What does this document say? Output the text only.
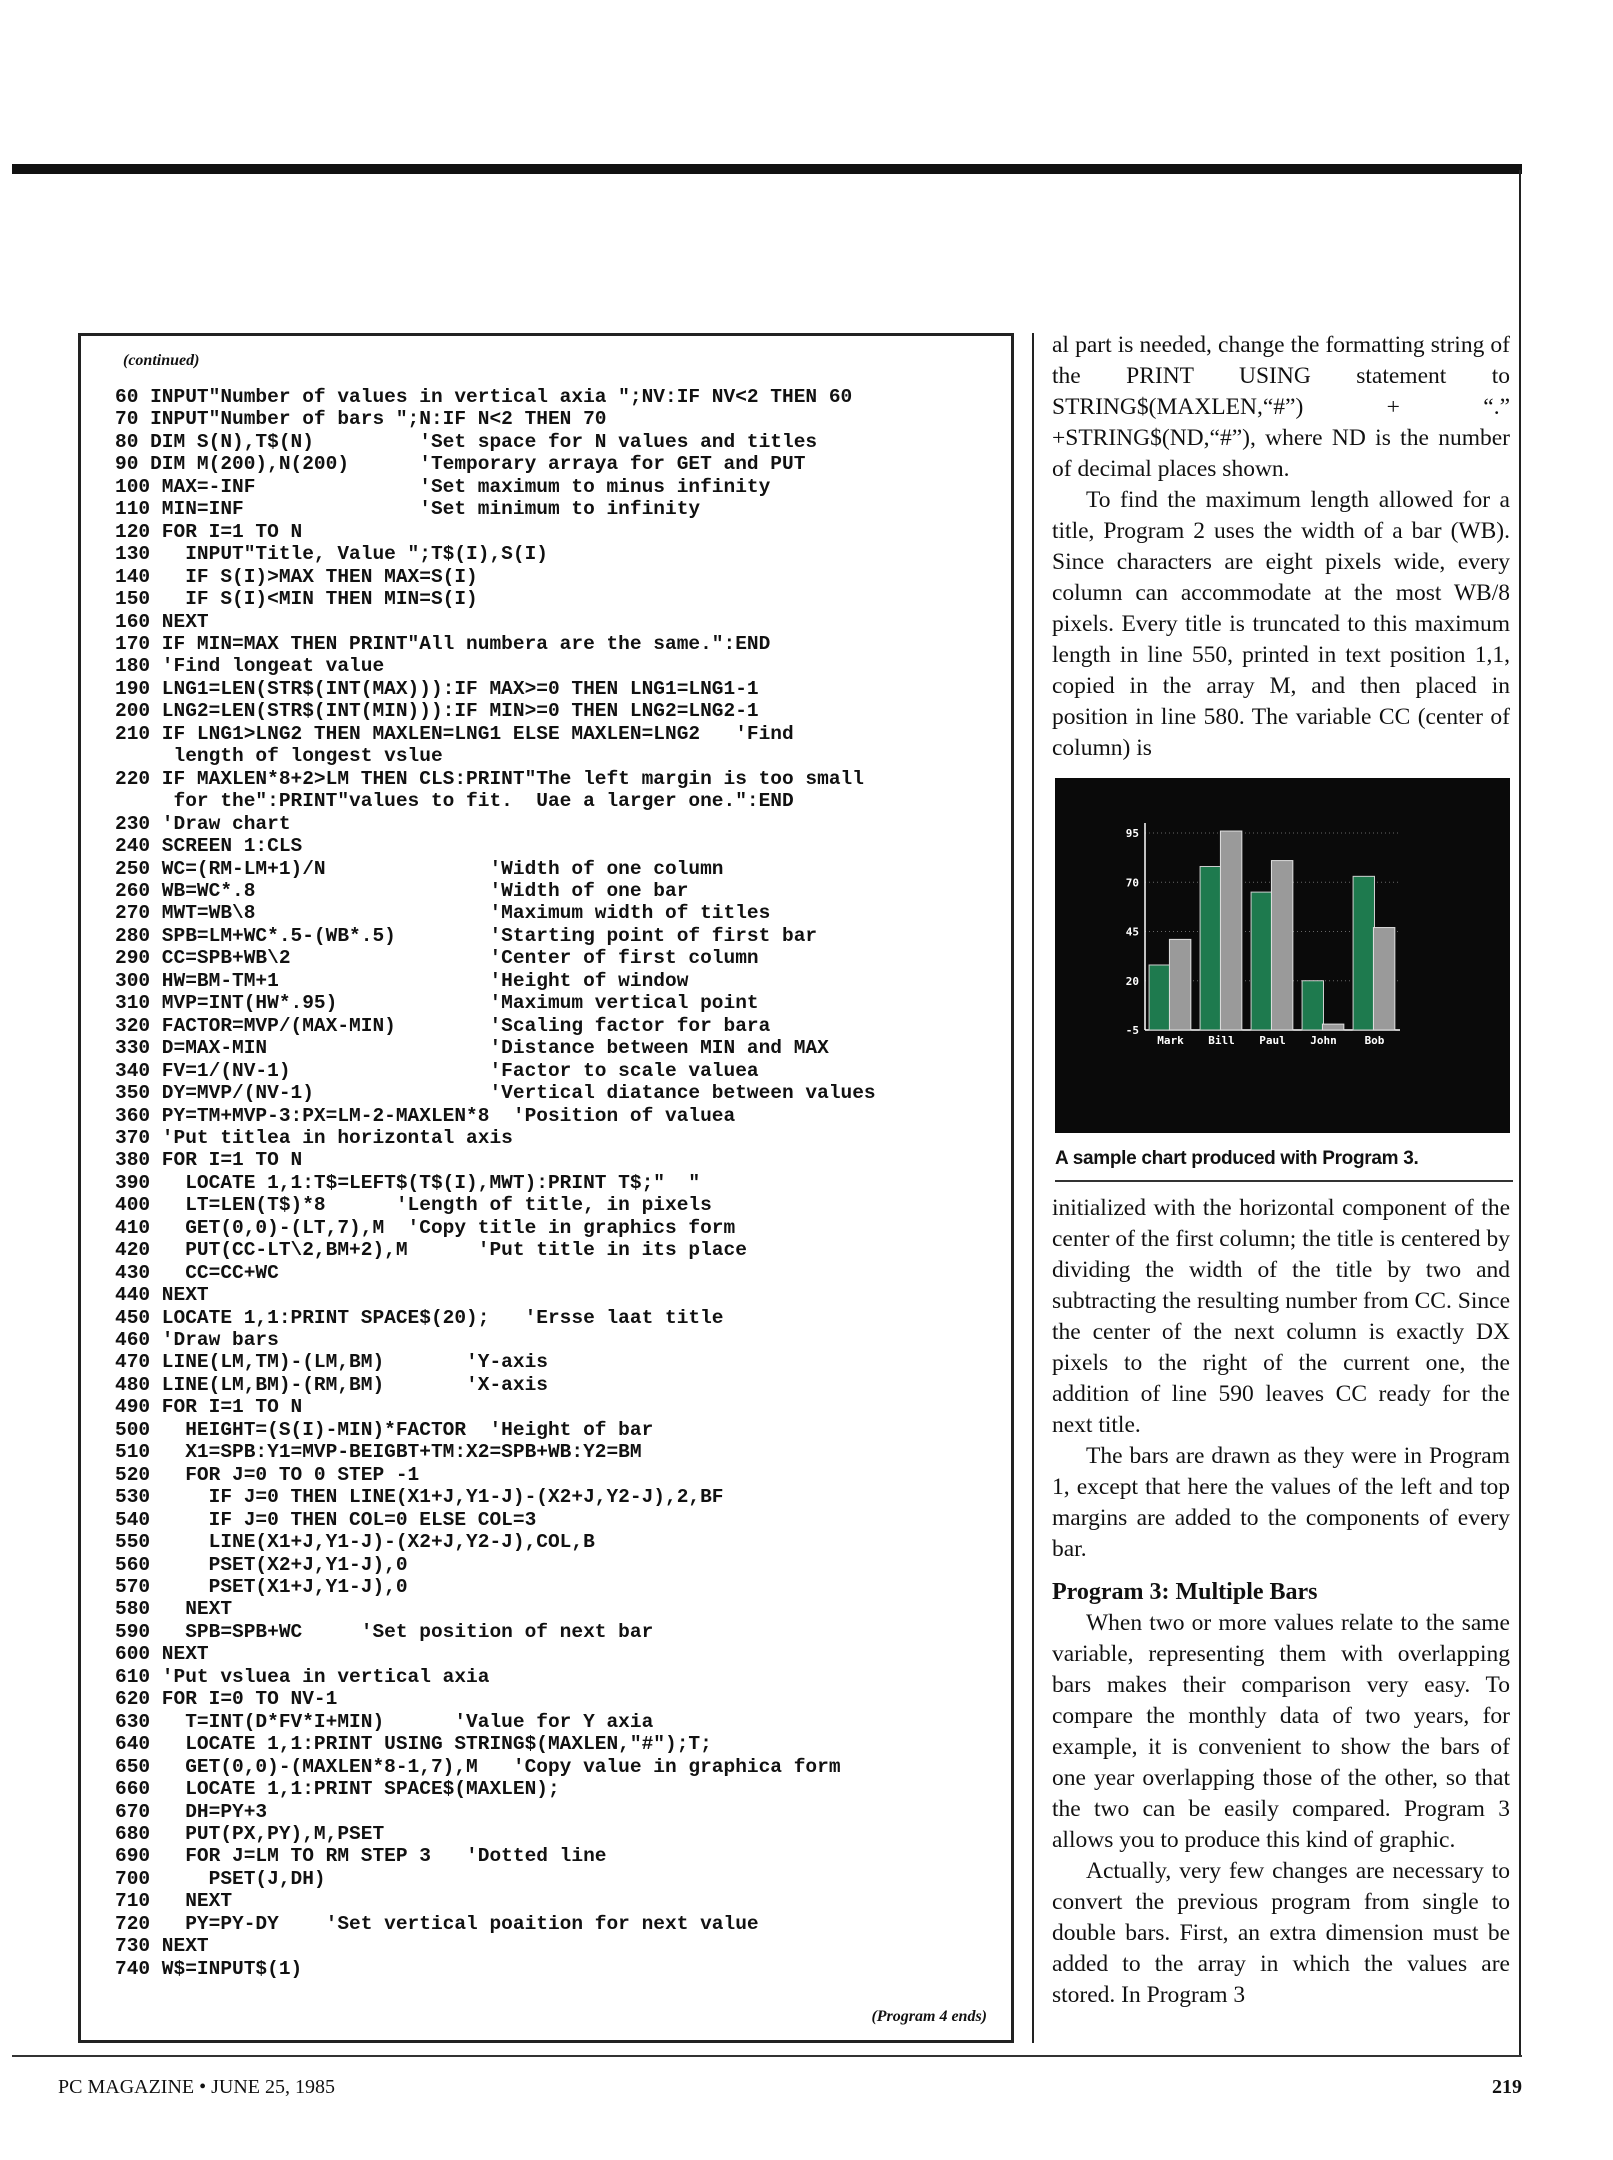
(continued)
60 INPUT"Number of values in vertical axia ";NV:IF NV<2 THEN 60
70 INPUT"Number of bars ";N:IF N<2 THEN 70
80 DIM S(N),T$(N)         'Set space for N values and titles
90 DIM M(200),N(200)      'Temporary arraya for GET and PUT
100 MAX=-INF              'Set maximum to minus infinity
110 MIN=INF               'Set minimum to infinity
120 FOR I=1 TO N
130   INPUT"Title, Value ";T$(I),S(I)
140   IF S(I)>MAX THEN MAX=S(I)
150   IF S(I)<MIN THEN MIN=S(I)
160 NEXT
170 IF MIN=MAX THEN PRINT"All numbera are the same.":END
180 'Find longeat value
190 LNG1=LEN(STR$(INT(MAX))):IF MAX>=0 THEN LNG1=LNG1-1
200 LNG2=LEN(STR$(INT(MIN))):IF MIN>=0 THEN LNG2=LNG2-1
210 IF LNG1>LNG2 THEN MAXLEN=LNG1 ELSE MAXLEN=LNG2   'Find
length of longest vslue
220 IF MAXLEN*8+2>LM THEN CLS:PRINT"The left margin is too small
for the":PRINT"values to fit.  Uae a larger one.":END
230 'Draw chart
240 SCREEN 1:CLS
250 WC=(RM-LM+1)/N              'Width of one column
260 WB=WC*.8                    'Width of one bar
270 MWT=WB\8                    'Maximum width of titles
280 SPB=LM+WC*.5-(WB*.5)        'Starting point of first bar
290 CC=SPB+WB\2                 'Center of first column
300 HW=BM-TM+1                  'Height of window
310 MVP=INT(HW*.95)             'Maximum vertical point
320 FACTOR=MVP/(MAX-MIN)        'Scaling factor for bara
330 D=MAX-MIN                   'Distance between MIN and MAX
340 FV=1/(NV-1)                 'Factor to scale valuea
350 DY=MVP/(NV-1)               'Vertical diatance between values
360 PY=TM+MVP-3:PX=LM-2-MAXLEN*8  'Position of valuea
370 'Put titlea in horizontal axis
380 FOR I=1 TO N
390   LOCATE 1,1:T$=LEFT$(T$(I),MWT):PRINT T$;"  "
400   LT=LEN(T$)*8      'Length of title, in pixels
410   GET(0,0)-(LT,7),M  'Copy title in graphics form
420   PUT(CC-LT\2,BM+2),M      'Put title in its place
430   CC=CC+WC
440 NEXT
450 LOCATE 1,1:PRINT SPACE$(20);   'Ersse laat title
460 'Draw bars
470 LINE(LM,TM)-(LM,BM)       'Y-axis
480 LINE(LM,BM)-(RM,BM)       'X-axis
490 FOR I=1 TO N
500   HEIGHT=(S(I)-MIN)*FACTOR  'Height of bar
510   X1=SPB:Y1=MVP-BEIGBT+TM:X2=SPB+WB:Y2=BM
520   FOR J=0 TO 0 STEP -1
530     IF J=0 THEN LINE(X1+J,Y1-J)-(X2+J,Y2-J),2,BF
540     IF J=0 THEN COL=0 ELSE COL=3
550     LINE(X1+J,Y1-J)-(X2+J,Y2-J),COL,B
560     PSET(X2+J,Y1-J),0
570     PSET(X1+J,Y1-J),0
580   NEXT
590   SPB=SPB+WC     'Set position of next bar
600 NEXT
610 'Put vsluea in vertical axia
620 FOR I=0 TO NV-1
630   T=INT(D*FV*I+MIN)      'Value for Y axia
640   LOCATE 1,1:PRINT USING STRING$(MAXLEN,"#");T;
650   GET(0,0)-(MAXLEN*8-1,7),M   'Copy value in graphica form
660   LOCATE 1,1:PRINT SPACE$(MAXLEN);
670   DH=PY+3
680   PUT(PX,PY),M,PSET
690   FOR J=LM TO RM STEP 3   'Dotted line
700     PSET(J,DH)
710   NEXT
720   PY=PY-DY    'Set vertical poaition for next value
730 NEXT
740 W$=INPUT$(1)
(Program 4 ends)

al part is needed, change the formatting string of the PRINT USING statement to STRING$(MAXLEN,“#”) + “.” +STRING$(ND,“#”), where ND is the number of decimal places shown.

To find the maximum length allowed for a title, Program 2 uses the width of a bar (WB). Since characters are eight pixels wide, every column can accommodate at the most WB/8 pixels. Every title is truncated to this maximum length in line 550, printed in text position 1,1, copied in the array M, and then placed in position in line 580. The variable CC (center of column) is

95
70
45
20
-5
Mark Bill Paul John	Bob
A sample chart produced with Program 3.

initialized with the horizontal component of the center of the first column; the title is centered by dividing the width of the title by two and subtracting the resulting number from CC. Since the center of the next column is exactly DX pixels to the right of the current one, the addition of line 590 leaves CC ready for the next title.

The bars are drawn as they were in Program 1, except that here the values of the left and top margins are added to the components of every bar.

Program 3: Multiple Bars

When two or more values relate to the same variable, representing them with overlapping bars makes their comparison very easy. To compare the monthly data of two years, for example, it is convenient to show the bars of one year overlapping those of the other, so that the two can be easily compared. Program 3 allows you to produce this kind of graphic.

Actually, very few changes are necessary to convert the previous program from single to double bars. First, an extra dimension must be added to the array in which the values are stored. In Program 3

PC MAGAZINE • JUNE 25, 1985	219
